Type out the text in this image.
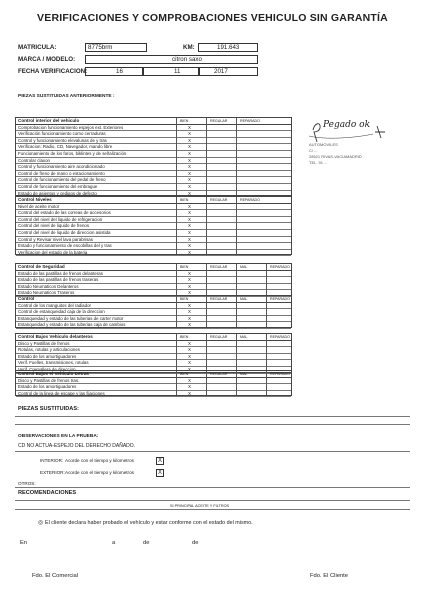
VERIFICACIONES Y COMPROBACIONES VEHICULO SIN GARANTÍA
MATRICULA:	8775brm	KM:	191.643
MARCA / MODELO:	citron saxo
FECHA VERIFICACION:	16	11	2017
PIEZAS SUSTITUIDAS ANTERIORMENTE :
Pegado ok
AUTOMOVILES
C/ ...
28521 RIVAS-VACIAMADRID
TEL. 91 ...
Control interior del vehiculo	BIEN	REGULAR	REPARADO
Comprobacion funcionamiento espejos ext. Exteriores	X
Verificación funcionamiento como cerraduras	X
Control y funcionamiento elevalunas de y tras	X
Verificacion: Radio, CD, Navegador, mando libre	X
Funcionamiento de los faros, biklintes y de señalización	X
Controlar claxon	X
Control y funcionamiento aire acondicionado	X
Control de freno de mano o estacionamiento	X
Control de funcionamiento del pedal de freno	X
Control de funcionamiento del embrague	X
Estado de asientos y cedigos de defecto	X
Control Niveles	BIEN	REGULAR	REPARADO
Nivel de aceite motor	X
Control del estado de las correas de accesorios	X
Control del nivel del liquido de refrigeracion	X
Control del nivel de liquido de frenos	X
Control del nivel de liquido de direccion asistida	X
Control y Revisar nivel lava parabrisas	X
Estado y funcionamiento de escobillas del y tras	X
Verificacion del estado de la bateria	X
Control de Seguridad	BIEN	REGULAR	MAL	REPARADO
Estado de las pastillas de frenos delanteras	X
Estado de las pastillas de frenos traseras	X
Estado Neumaticos Delanteros	X
Estado Neumaticos Traseros	X
Control	BIEN	REGULAR	MAL	REPARADO
Control de los manguitos del radiador	X
Control de estanqueidad caja de la direccion	X
Estanqueidad y estado de las tuberias de carter motor	X
Estanqueidad y estado de las tuberias caja de cambios	X
Control Bajos Vehículo delanteros	BIEN	REGULAR	MAL	REPARADO
Disco y Pastillas de frenos	X
Rotulas, rotulas y articulaciones	X
Estado de los amortiguadores	X
Verif. Fuelles, transmisiones, rotulas	X
Verif. Cremallera de direccion	X
Control Bajos el Vehículo Detras	BIEN	REGULAR	MAL	REPARADO
Disco y Pastillas de frenos tras.	X
Estado de los amortiguadores	X
Control de la linea de escape y las fijaciones	X
PIEZAS SUSTITUIDAS:
OBSERVACIONES EN LA PRUEBA:
CD NO ACTUA-ESPEJO DEL DERECHO DAÑADO.
INTERIOR: Acorde con el tiempo y kilometros	X
EXTERIOR: Acorde con el tiempo y kilometros	X
OTROS:
RECOMENDACIONES
SI PRINCIPAL ACEITE Y FILTROS
◎ El cliente declara haber probado el vehículo y estar conforme con el estado del mismo.
En	a	de	de
Fdo. El Comercial	Fdo. El Cliente
